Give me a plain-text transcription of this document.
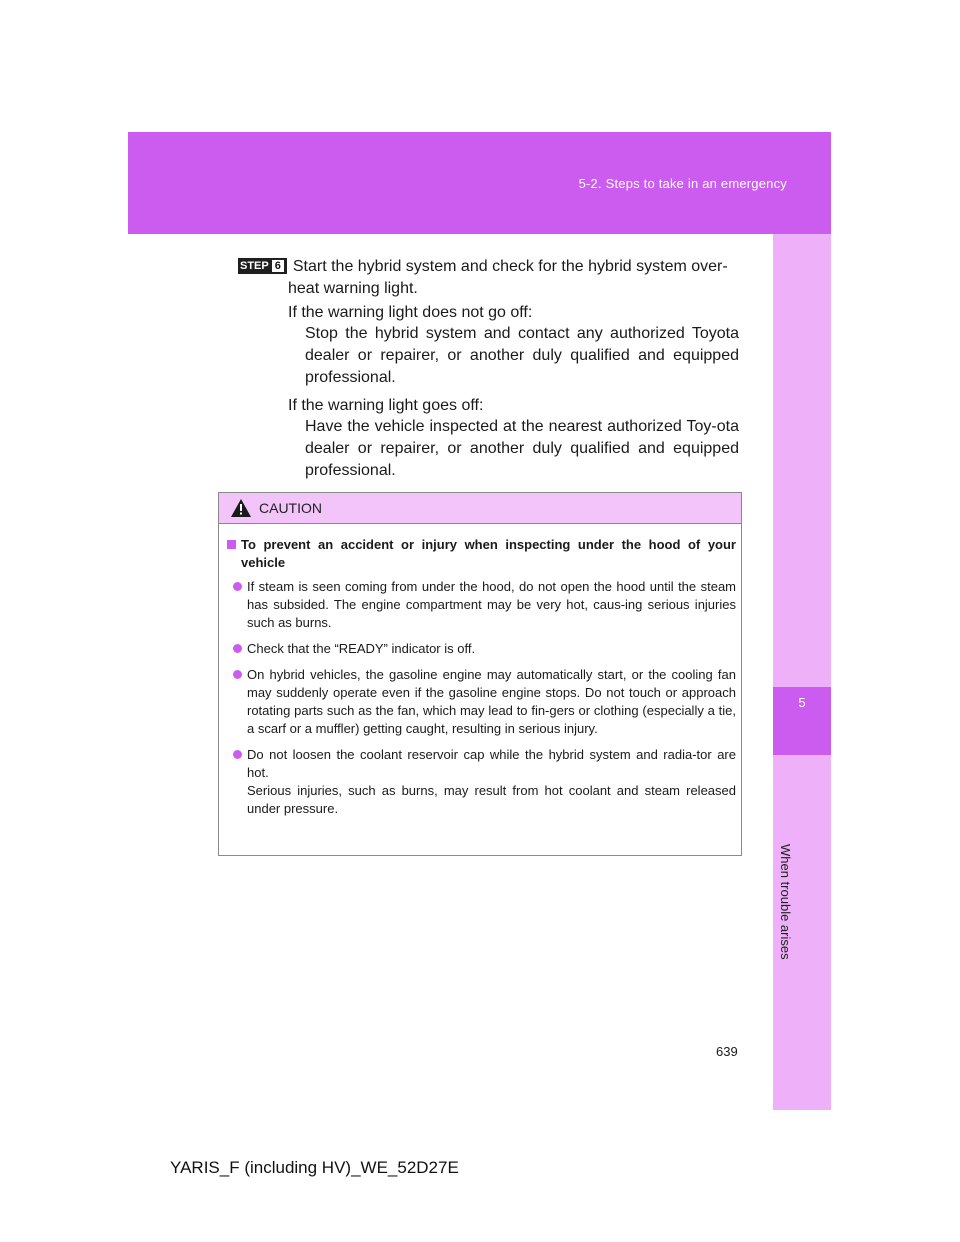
5-2. Steps to take in an emergency
5
When trouble arises
STEP 6 Start the hybrid system and check for the hybrid system over-
heat warning light.
If the warning light does not go off:
Stop the hybrid system and contact any authorized Toyota dealer or repairer, or another duly qualified and equipped professional.
If the warning light goes off:
Have the vehicle inspected at the nearest authorized Toy-ota dealer or repairer, or another duly qualified and equipped professional.
CAUTION
To prevent an accident or injury when inspecting under the hood of your vehicle
If steam is seen coming from under the hood, do not open the hood until the steam has subsided. The engine compartment may be very hot, caus-ing serious injuries such as burns.
Check that the “READY” indicator is off.
On hybrid vehicles, the gasoline engine may automatically start, or the cooling fan may suddenly operate even if the gasoline engine stops. Do not touch or approach rotating parts such as the fan, which may lead to fin-gers or clothing (especially a tie, a scarf or a muffler) getting caught, resulting in serious injury.
Do not loosen the coolant reservoir cap while the hybrid system and radia-tor are hot.
Serious injuries, such as burns, may result from hot coolant and steam released under pressure.
639
YARIS_F (including HV)_WE_52D27E
